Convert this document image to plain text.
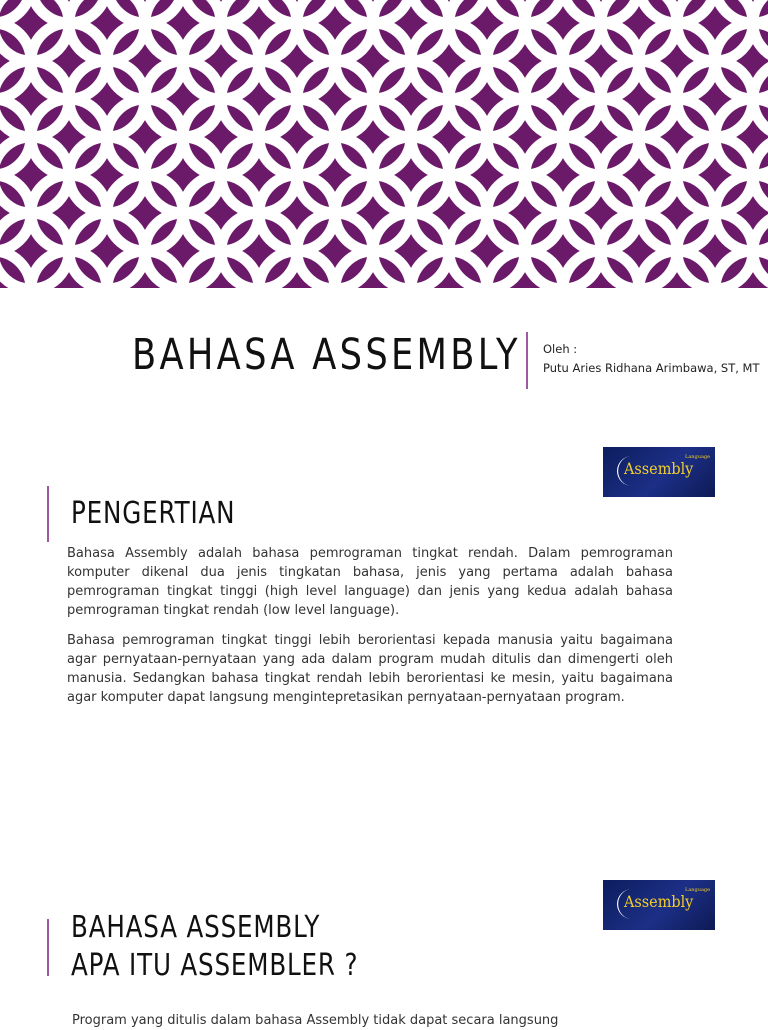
BAHASA ASSEMBLY Oleh :
Putu Aries Ridhana Arimbawa, ST, MT
Assembly
Language
PENGERTIAN

Bahasa Assembly adalah bahasa pemrograman tingkat rendah. Dalam pemrograman komputer dikenal dua jenis tingkatan bahasa, jenis yang pertama adalah bahasa pemrograman tingkat tinggi (high level language) dan jenis yang kedua adalah bahasa pemrograman tingkat rendah (low level language).

Bahasa pemrograman tingkat tinggi lebih berorientasi kepada manusia yaitu bagaimana agar pernyataan-pernyataan yang ada dalam program mudah ditulis dan dimengerti oleh manusia. Sedangkan bahasa tingkat rendah lebih berorientasi ke mesin, yaitu bagaimana agar komputer dapat langsung mengintepretasikan pernyataan-pernyataan program.

Assembly
Language
BAHASA ASSEMBLY
APA ITU ASSEMBLER ?
Program yang ditulis dalam bahasa Assembly tidak dapat secara langsung
